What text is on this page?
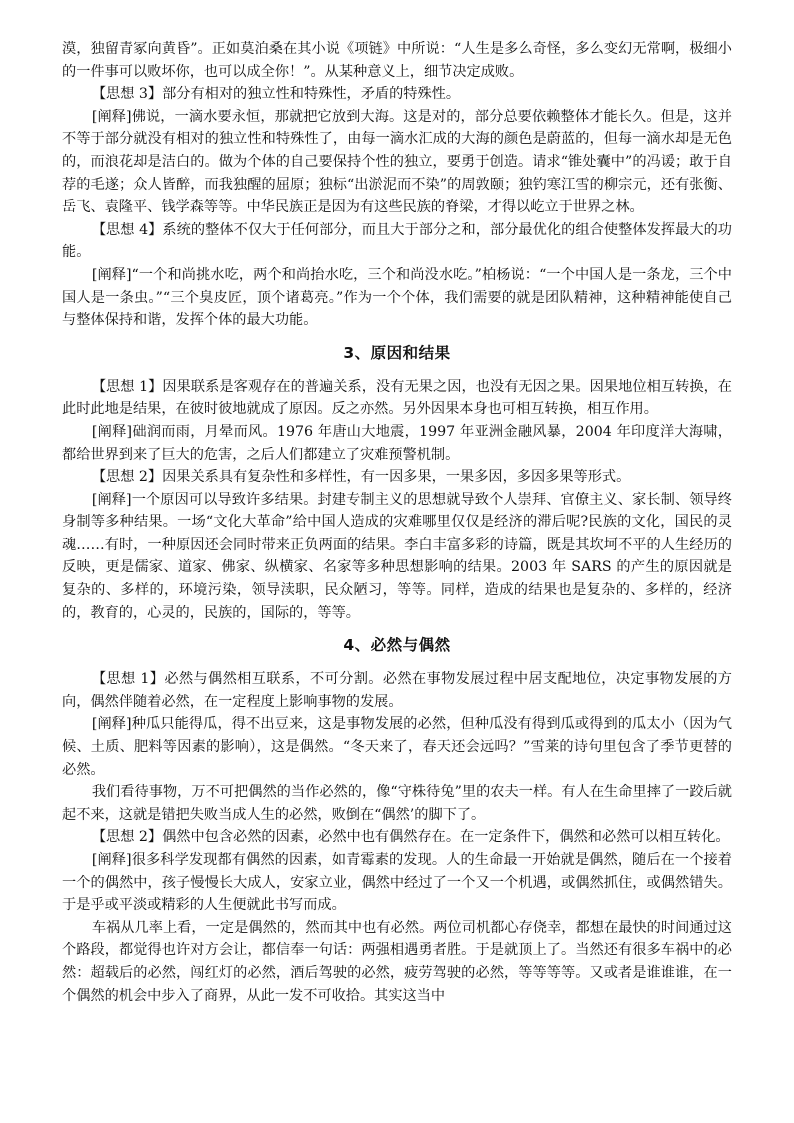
漠，独留青冢向黄昏”。正如莫泊桑在其小说《项链》中所说：“人生是多么奇怪，多么变幻无常啊，极细小的一件事可以败坏你，也可以成全你！”。从某种意义上，细节决定成败。

【思想 3】部分有相对的独立性和特殊性，矛盾的特殊性。

[阐释]佛说，一滴水要永恒，那就把它放到大海。这是对的，部分总要依赖整体才能长久。但是，这并不等于部分就没有相对的独立性和特殊性了，由每一滴水汇成的大海的颜色是蔚蓝的，但每一滴水却是无色的，而浪花却是洁白的。做为个体的自己要保持个性的独立，要勇于创造。请求“锥处囊中”的冯谖；敢于自荐的毛遂；众人皆醉，而我独醒的屈原；独标“出淤泥而不染”的周敦颐；独钓寒江雪的柳宗元，还有张衡、岳飞、袁隆平、钱学森等等。中华民族正是因为有这些民族的脊梁，才得以屹立于世界之林。

【思想 4】系统的整体不仅大于任何部分，而且大于部分之和，部分最优化的组合使整体发挥最大的功能。

[阐释]“一个和尚挑水吃，两个和尚抬水吃，三个和尚没水吃。”柏杨说：“一个中国人是一条龙，三个中国人是一条虫。”“三个臭皮匠，顶个诸葛亮。”作为一个个体，我们需要的就是团队精神，这种精神能使自己与整体保持和谐，发挥个体的最大功能。

3、原因和结果

【思想 1】因果联系是客观存在的普遍关系，没有无果之因，也没有无因之果。因果地位相互转换，在此时此地是结果，在彼时彼地就成了原因。反之亦然。另外因果本身也可相互转换，相互作用。

[阐释]础润而雨，月晕而风。1976 年唐山大地震，1997 年亚洲金融风暴，2004 年印度洋大海啸，都给世界到来了巨大的危害，之后人们都建立了灾难预警机制。

【思想 2】因果关系具有复杂性和多样性，有一因多果，一果多因，多因多果等形式。

[阐释]一个原因可以导致许多结果。封建专制主义的思想就导致个人崇拜、官僚主义、家长制、领导终身制等多种结果。一场“文化大革命”给中国人造成的灾难哪里仅仅是经济的滞后呢?民族的文化，国民的灵魂……有时，一种原因还会同时带来正负两面的结果。李白丰富多彩的诗篇，既是其坎坷不平的人生经历的反映，更是儒家、道家、佛家、纵横家、名家等多种思想影响的结果。2003 年 SARS 的产生的原因就是复杂的、多样的，环境污染，领导渎职，民众陋习，等等。同样，造成的结果也是复杂的、多样的，经济的，教育的，心灵的，民族的，国际的，等等。

4、必然与偶然

【思想 1】必然与偶然相互联系，不可分割。必然在事物发展过程中居支配地位，决定事物发展的方向，偶然伴随着必然，在一定程度上影响事物的发展。

[阐释]种瓜只能得瓜，得不出豆来，这是事物发展的必然，但种瓜没有得到瓜或得到的瓜太小（因为气候、土质、肥料等因素的影响），这是偶然。“冬天来了，春天还会远吗？”雪莱的诗句里包含了季节更替的必然。

我们看待事物，万不可把偶然的当作必然的，像“守株待兔”里的农夫一样。有人在生命里摔了一跤后就起不来，这就是错把失败当成人生的必然，败倒在“偶然’的脚下了。

【思想 2】偶然中包含必然的因素，必然中也有偶然存在。在一定条件下，偶然和必然可以相互转化。

[阐释]很多科学发现都有偶然的因素，如青霉素的发现。人的生命最一开始就是偶然，随后在一个接着一个的偶然中，孩子慢慢长大成人，安家立业，偶然中经过了一个又一个机遇，或偶然抓住，或偶然错失。于是乎或平淡或精彩的人生便就此书写而成。

车祸从几率上看，一定是偶然的，然而其中也有必然。两位司机都心存侥幸，都想在最快的时间通过这个路段，都觉得也许对方会让，都信奉一句话：两强相遇勇者胜。于是就顶上了。当然还有很多车祸中的必然：超载后的必然，闯红灯的必然，酒后驾驶的必然，疲劳驾驶的必然，等等等等。又或者是谁谁谁，在一个偶然的机会中步入了商界，从此一发不可收拾。其实这当中
